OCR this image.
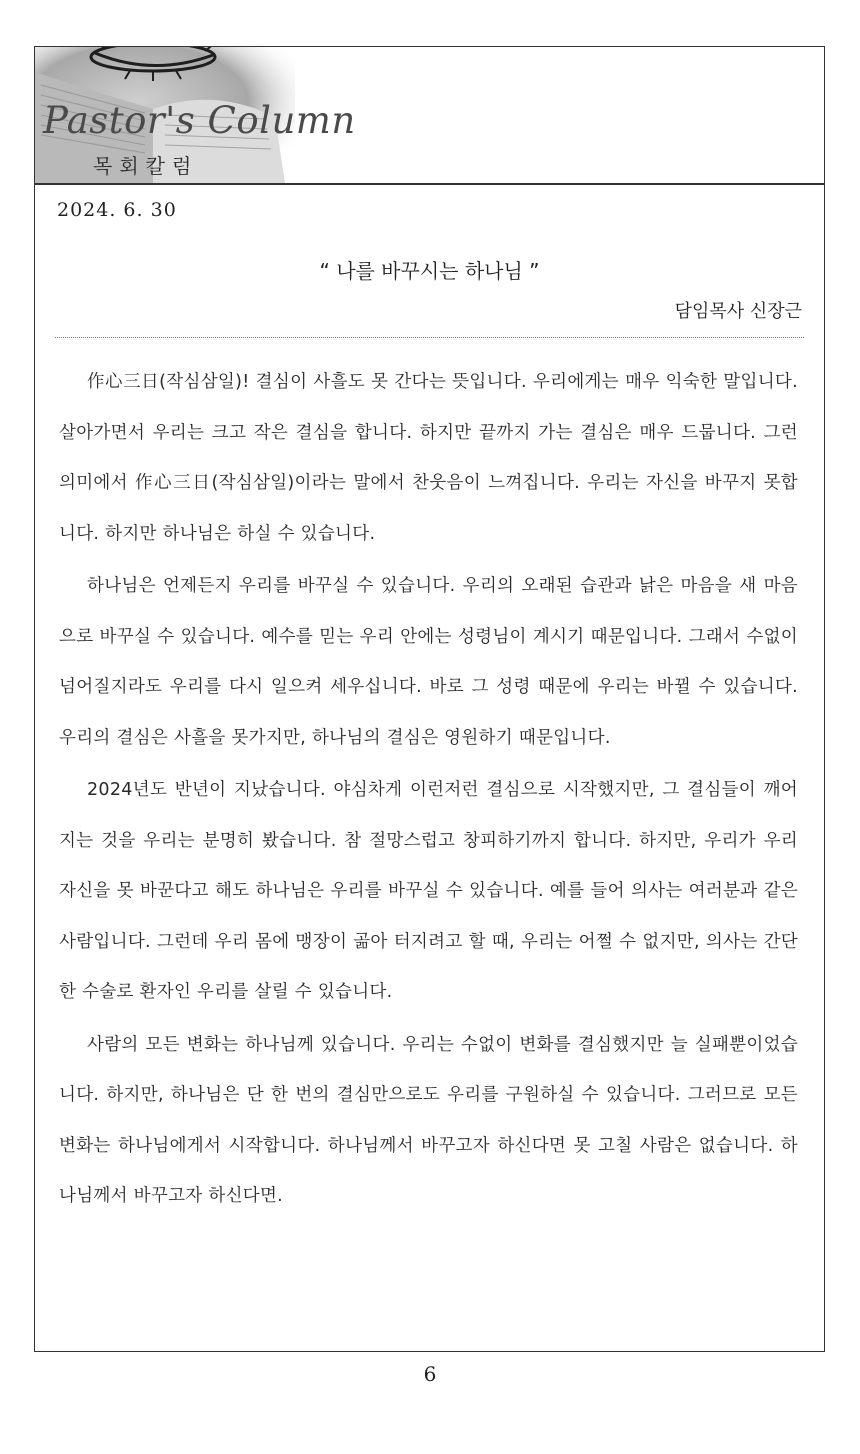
Pastor's Column
목회칼럼
2024. 6. 30
“ 나를 바꾸시는 하나님 ”
담임목사 신장근

作心三日(작심삼일)! 결심이 사흘도 못 간다는 뜻입니다. 우리에게는 매우 익숙한 말입니다. 살아가면서 우리는 크고 작은 결심을 합니다. 하지만 끝까지 가는 결심은 매우 드뭅니다. 그런 의미에서 作心三日(작심삼일)이라는 말에서 찬웃음이 느껴집니다. 우리는 자신을 바꾸지 못합니다. 하지만 하나님은 하실 수 있습니다.

하나님은 언제든지 우리를 바꾸실 수 있습니다. 우리의 오래된 습관과 낡은 마음을 새 마음으로 바꾸실 수 있습니다. 예수를 믿는 우리 안에는 성령님이 계시기 때문입니다. 그래서 수없이 넘어질지라도 우리를 다시 일으켜 세우십니다. 바로 그 성령 때문에 우리는 바뀔 수 있습니다. 우리의 결심은 사흘을 못가지만, 하나님의 결심은 영원하기 때문입니다.

2024년도 반년이 지났습니다. 야심차게 이런저런 결심으로 시작했지만, 그 결심들이 깨어지는 것을 우리는 분명히 봤습니다. 참 절망스럽고 창피하기까지 합니다. 하지만, 우리가 우리 자신을 못 바꾼다고 해도 하나님은 우리를 바꾸실 수 있습니다. 예를 들어 의사는 여러분과 같은 사람입니다. 그런데 우리 몸에 맹장이 곪아 터지려고 할 때, 우리는 어쩔 수 없지만, 의사는 간단한 수술로 환자인 우리를 살릴 수 있습니다.

사람의 모든 변화는 하나님께 있습니다. 우리는 수없이 변화를 결심했지만 늘 실패뿐이었습니다. 하지만, 하나님은 단 한 번의 결심만으로도 우리를 구원하실 수 있습니다. 그러므로 모든 변화는 하나님에게서 시작합니다. 하나님께서 바꾸고자 하신다면 못 고칠 사람은 없습니다. 하나님께서 바꾸고자 하신다면.

6
